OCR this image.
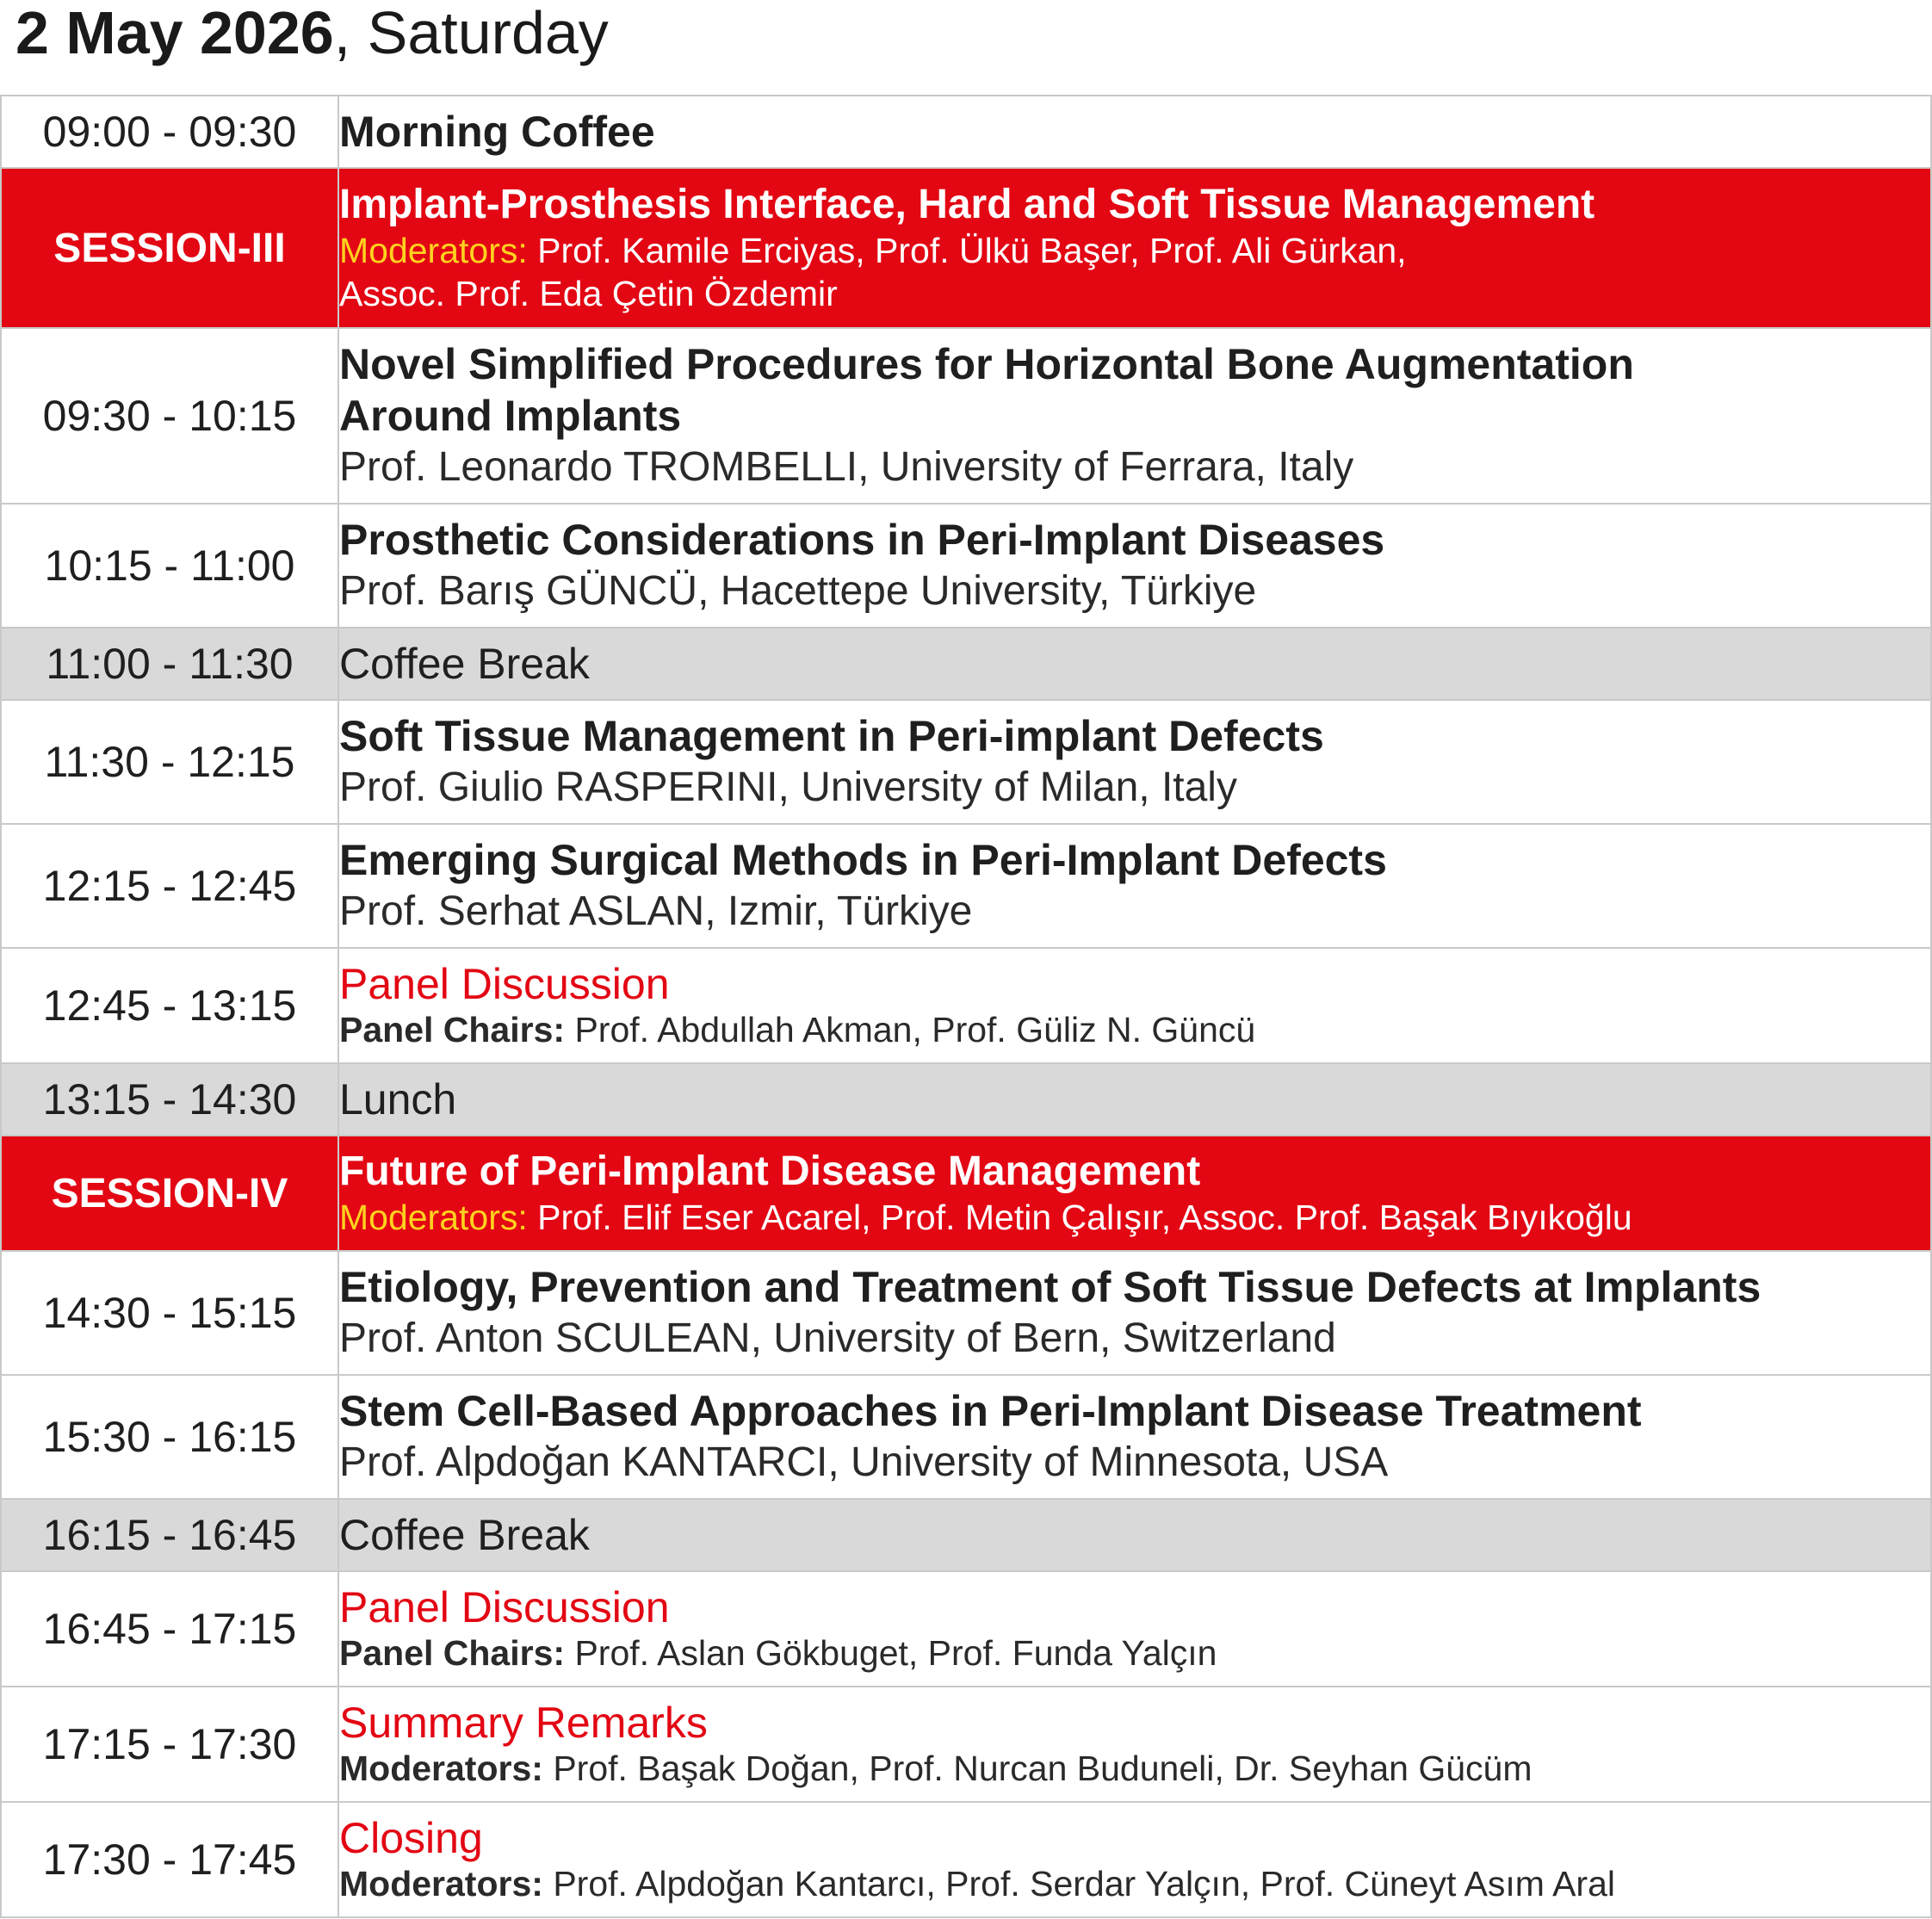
2 May 2026, Saturday
09:00 - 09:30	Morning Coffee

SESSION-III	Implant-Prosthesis Interface, Hard and Soft Tissue Management
Moderators: Prof. Kamile Erciyas, Prof. Ülkü Başer, Prof. Ali Gürkan,
Assoc. Prof. Eda Çetin Özdemir

09:30 - 10:15	Novel Simplified Procedures for Horizontal Bone Augmentation
Around Implants
Prof. Leonardo TROMBELLI, University of Ferrara, Italy

10:15 - 11:00	Prosthetic Considerations in Peri-Implant Diseases
Prof. Barış GÜNCÜ, Hacettepe University, Türkiye

11:00 - 11:30	Coffee Break

11:30 - 12:15	Soft Tissue Management in Peri-implant Defects
Prof. Giulio RASPERINI, University of Milan, Italy

12:15 - 12:45	Emerging Surgical Methods in Peri-Implant Defects
Prof. Serhat ASLAN, Izmir, Türkiye

12:45 - 13:15	Panel Discussion
Panel Chairs: Prof. Abdullah Akman, Prof. Güliz N. Güncü

13:15 - 14:30	Lunch

SESSION-IV	Future of Peri-Implant Disease Management
Moderators: Prof. Elif Eser Acarel, Prof. Metin Çalışır, Assoc. Prof. Başak Bıyıkoğlu

14:30 - 15:15	Etiology, Prevention and Treatment of Soft Tissue Defects at Implants
Prof. Anton SCULEAN, University of Bern, Switzerland

15:30 - 16:15	Stem Cell-Based Approaches in Peri-Implant Disease Treatment
Prof. Alpdoğan KANTARCI, University of Minnesota, USA

16:15 - 16:45	Coffee Break

16:45 - 17:15	Panel Discussion
Panel Chairs: Prof. Aslan Gökbuget, Prof. Funda Yalçın

17:15 - 17:30	Summary Remarks
Moderators: Prof. Başak Doğan, Prof. Nurcan Buduneli, Dr. Seyhan Gücüm

17:30 - 17:45	Closing
Moderators: Prof. Alpdoğan Kantarcı, Prof. Serdar Yalçın, Prof. Cüneyt Asım Aral
